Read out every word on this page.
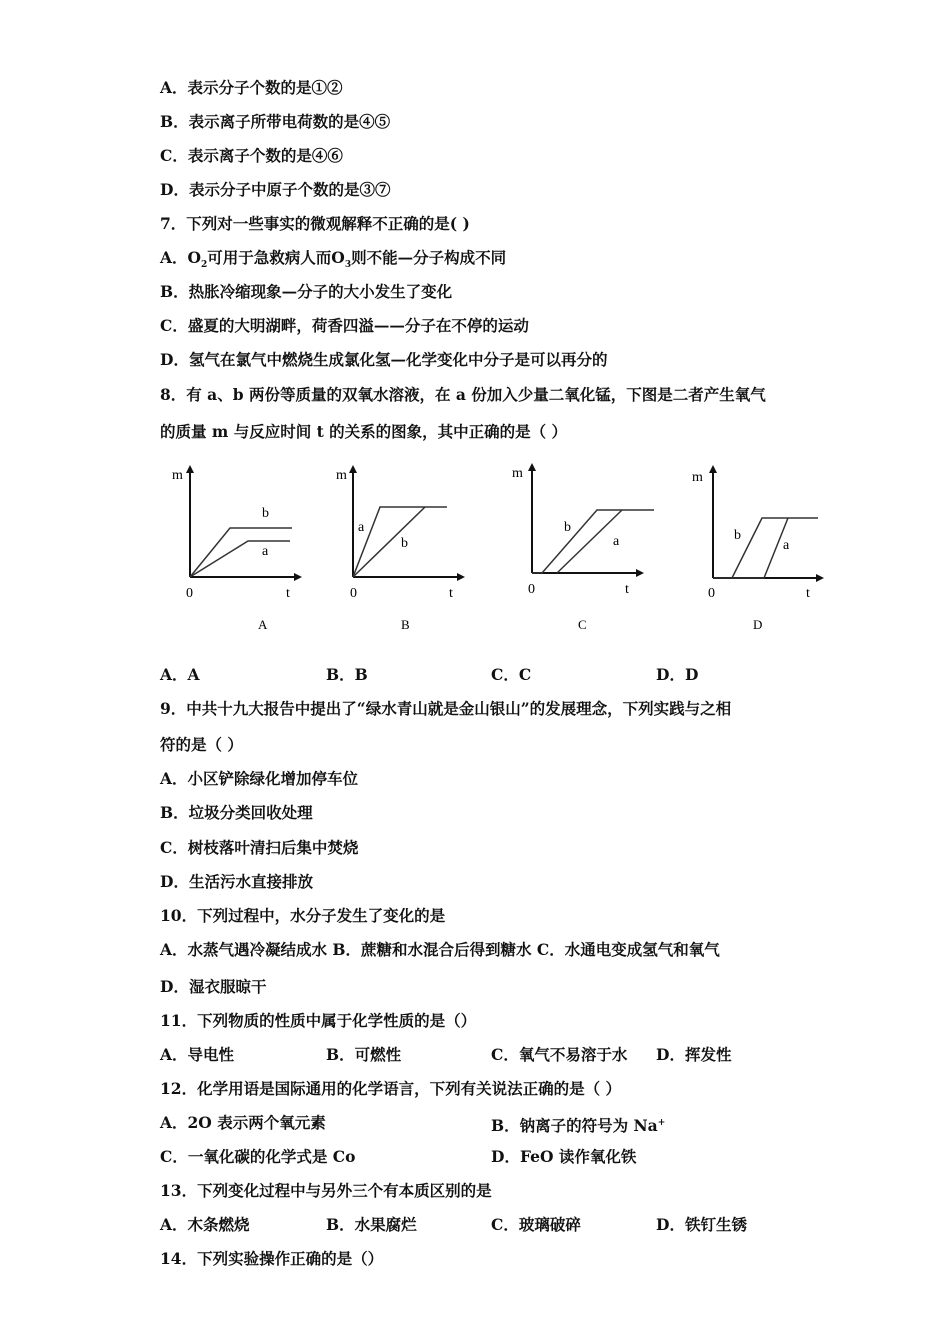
A．表示分子个数的是①②
B．表示离子所带电荷数的是④⑤
C．表示离子个数的是④⑥
D．表示分子中原子个数的是③⑦
7．下列对一些事实的微观解释不正确的是( )
A．$O_2$可用于急救病人而$O_3$则不能—分子构成不同
B．热胀冷缩现象—分子的大小发生了变化
C．盛夏的大明湖畔，荷香四溢——分子在不停的运动
D．氢气在氯气中燃烧生成氯化氢—化学变化中分子是可以再分的
8．有 a、b 两份等质量的双氧水溶液，在 a 份加入少量二氧化锰，下图是二者产生氧气
的质量 m 与反应时间 t 的关系的图象，其中正确的是（ ）
m
t
0
b
a
A
m
t
0
a
b
B
m
t
0
b
a
C
m
t
0
b
a
D
A．A	B．B	C．C	D．D
9．中共十九大报告中提出了“绿水青山就是金山银山”的发展理念，下列实践与之相
符的是（ ）
A．小区铲除绿化增加停车位
B．垃圾分类回收处理
C．树枝落叶清扫后集中焚烧
D．生活污水直接排放
10．下列过程中，水分子发生了变化的是
A．水蒸气遇冷凝结成水 B．蔗糖和水混合后得到糖水 C．水通电变成氢气和氧气
D．湿衣服晾干
11．下列物质的性质中属于化学性质的是（）
A．导电性	B．可燃性	C．氧气不易溶于水 D．挥发性
12．化学用语是国际通用的化学语言，下列有关说法正确的是（ ）
A．2O 表示两个氧元素	B．钠离子的符号为 Na+
C．一氧化碳的化学式是 Co	D．FeO 读作氧化铁
13．下列变化过程中与另外三个有本质区别的是
A．木条燃烧	B．水果腐烂	C．玻璃破碎	D．铁钉生锈
14．下列实验操作正确的是（）
